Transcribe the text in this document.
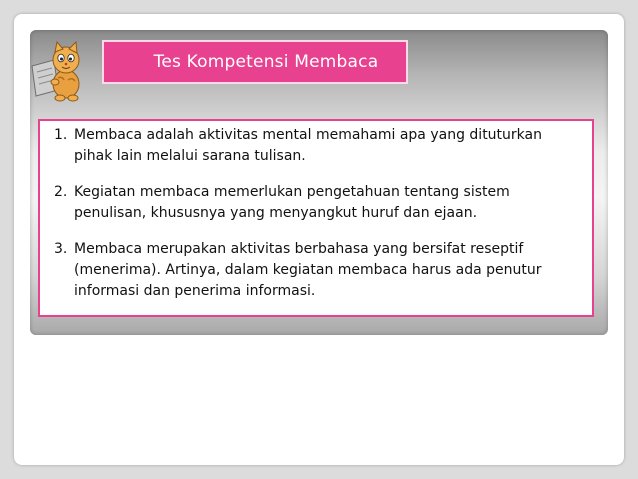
Tes Kompetensi Membaca
1. Membaca adalah aktivitas mental memahami apa yang dituturkan pihak lain melalui sarana tulisan.
2. Kegiatan membaca memerlukan pengetahuan tentang sistem penulisan, khususnya yang menyangkut huruf dan ejaan.
3. Membaca merupakan aktivitas berbahasa yang bersifat reseptif (menerima). Artinya, dalam kegiatan membaca harus ada penutur informasi dan penerima informasi.
